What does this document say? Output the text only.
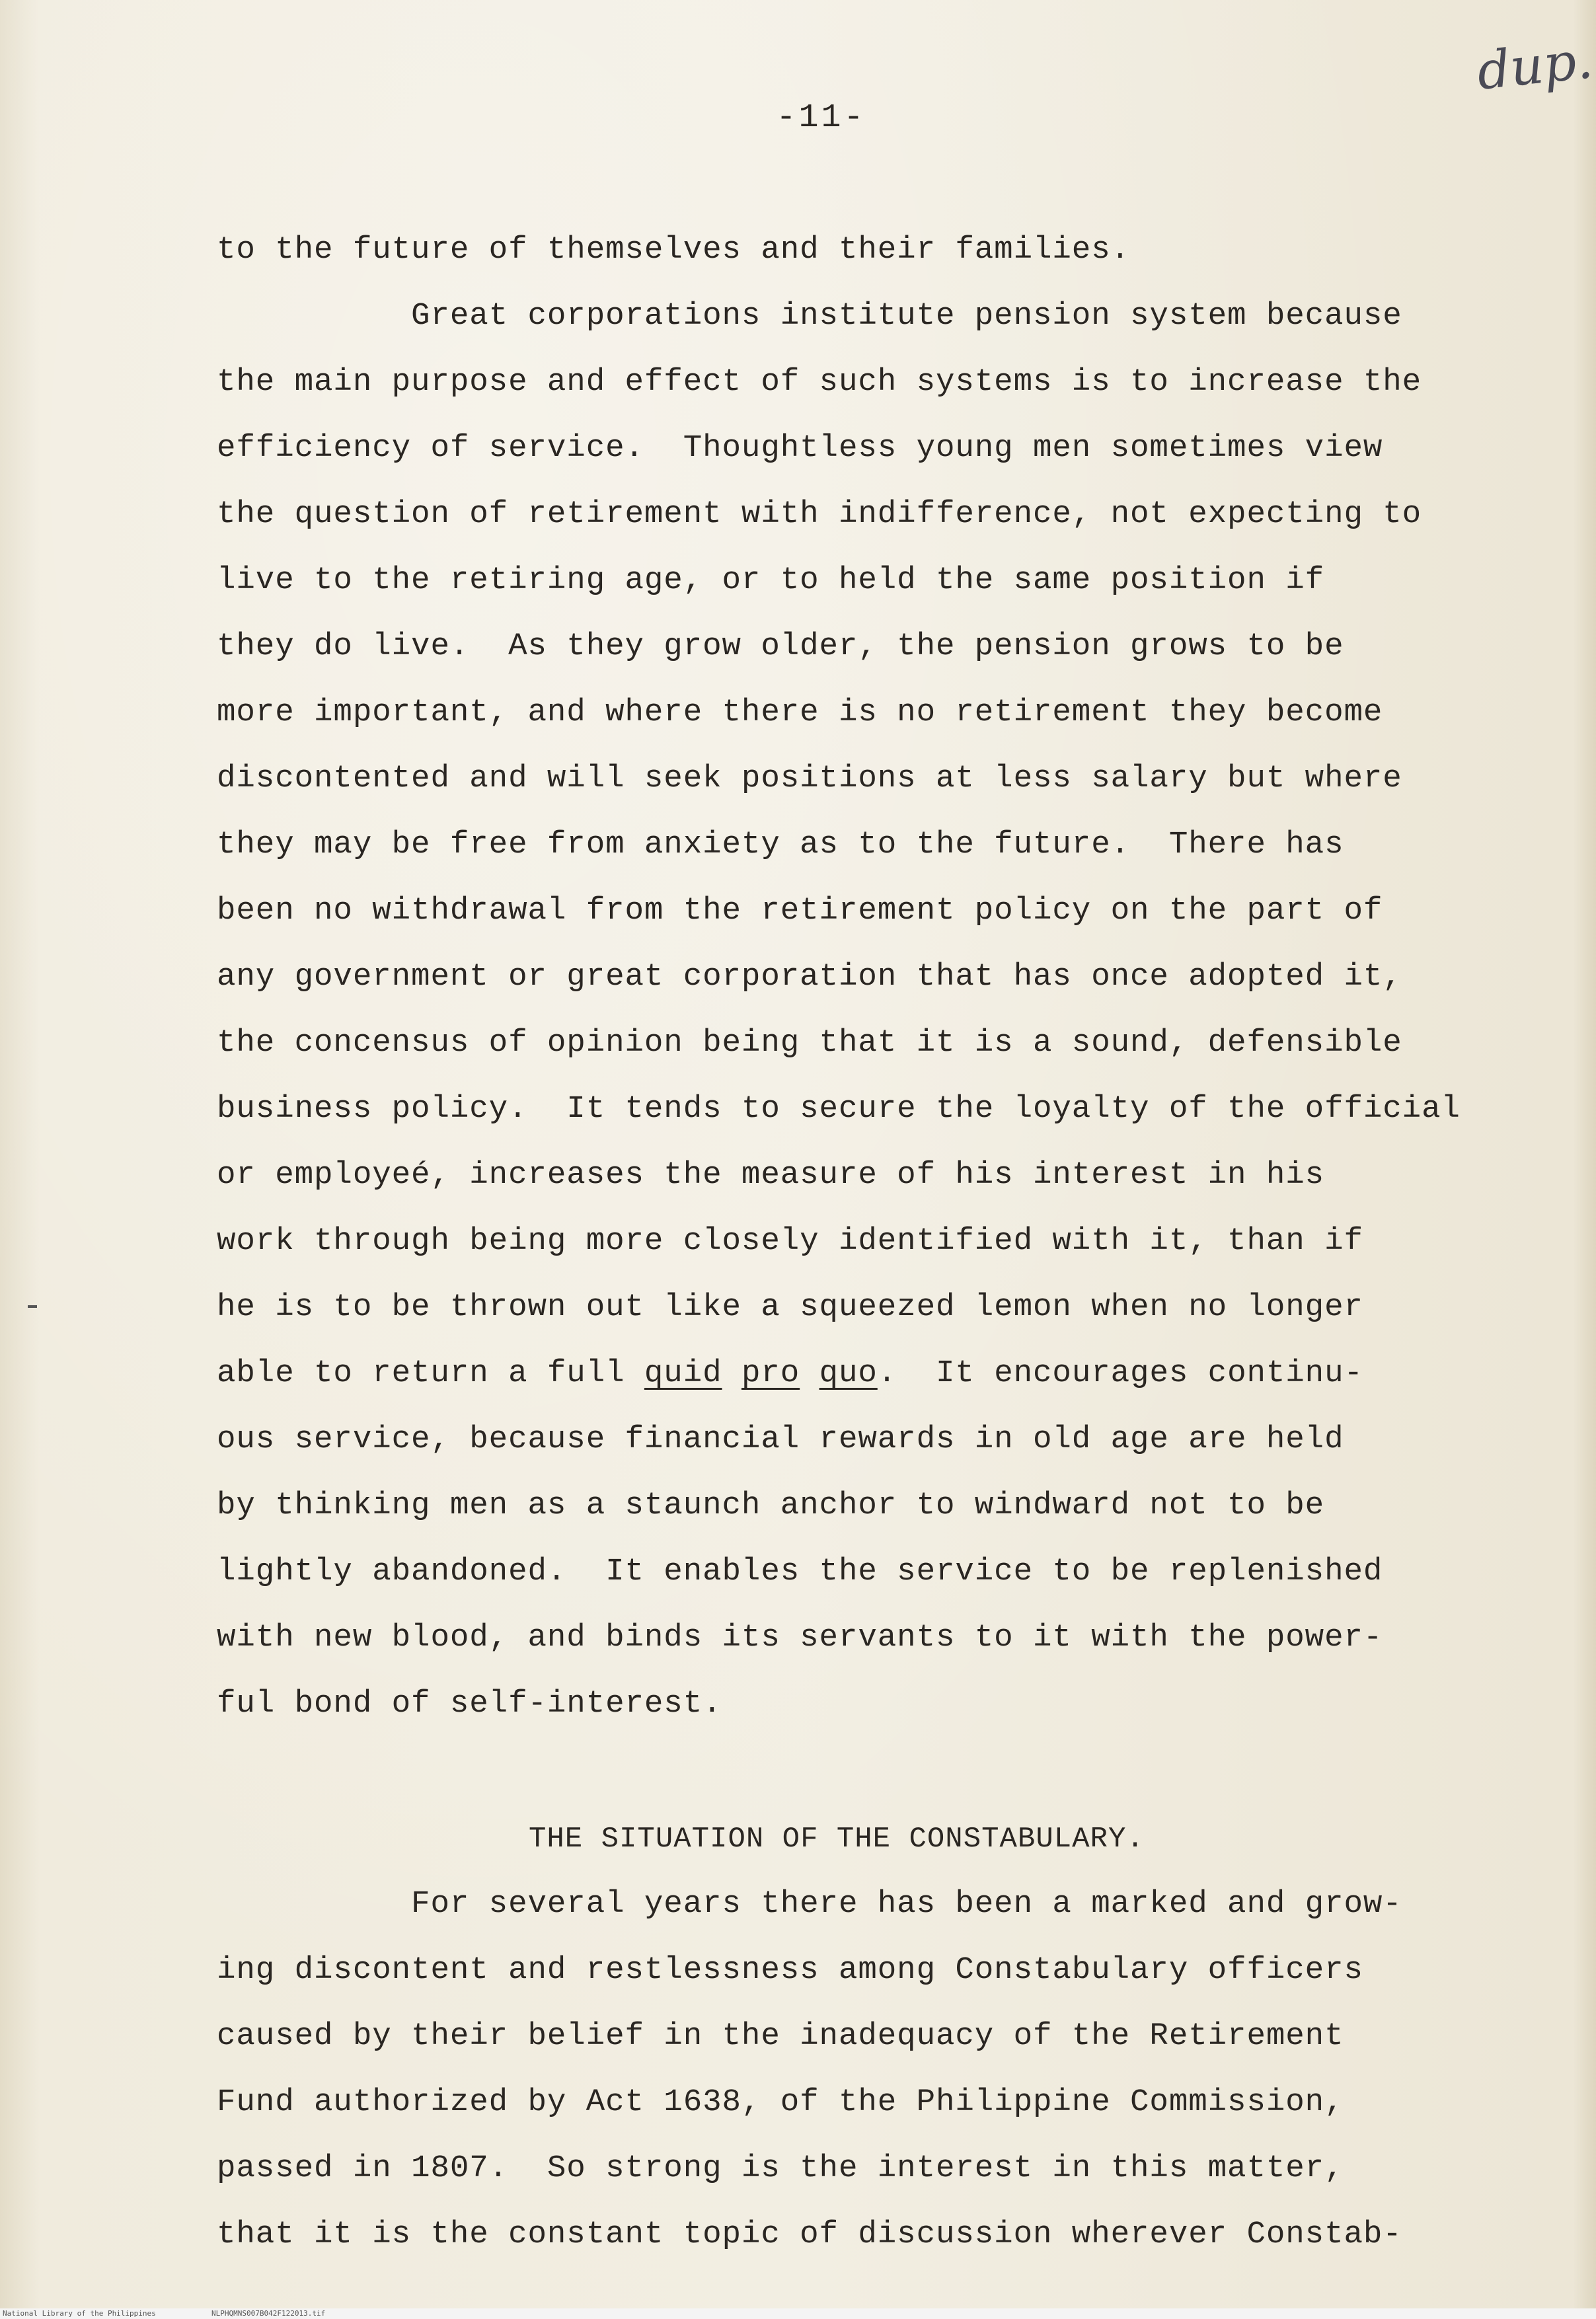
dup.
-11-
to the future of themselves and their families.
Great corporations institute pension system because
the main purpose and effect of such systems is to increase the
efficiency of service.  Thoughtless young men sometimes view
the question of retirement with indifference, not expecting to
live to the retiring age, or to held the same position if
they do live.  As they grow older, the pension grows to be
more important, and where there is no retirement they become
discontented and will seek positions at less salary but where
they may be free from anxiety as to the future.  There has
been no withdrawal from the retirement policy on the part of
any government or great corporation that has once adopted it,
the concensus of opinion being that it is a sound, defensible
business policy.  It tends to secure the loyalty of the official
or employeé, increases the measure of his interest in his
work through being more closely identified with it, than if
he is to be thrown out like a squeezed lemon when no longer
able to return a full quid pro quo.  It encourages continu-
ous service, because financial rewards in old age are held
by thinking men as a staunch anchor to windward not to be
lightly abandoned.  It enables the service to be replenished
with new blood, and binds its servants to it with the power-
ful bond of self-interest.
THE SITUATION OF THE CONSTABULARY.
For several years there has been a marked and grow-
ing discontent and restlessness among Constabulary officers
caused by their belief in the inadequacy of the Retirement
Fund authorized by Act 1638, of the Philippine Commission,
passed in 1807.  So strong is the interest in this matter,
that it is the constant topic of discussion wherever Constab-
National Library of the Philippines	NLPHQMNS007B042F122013.tif
